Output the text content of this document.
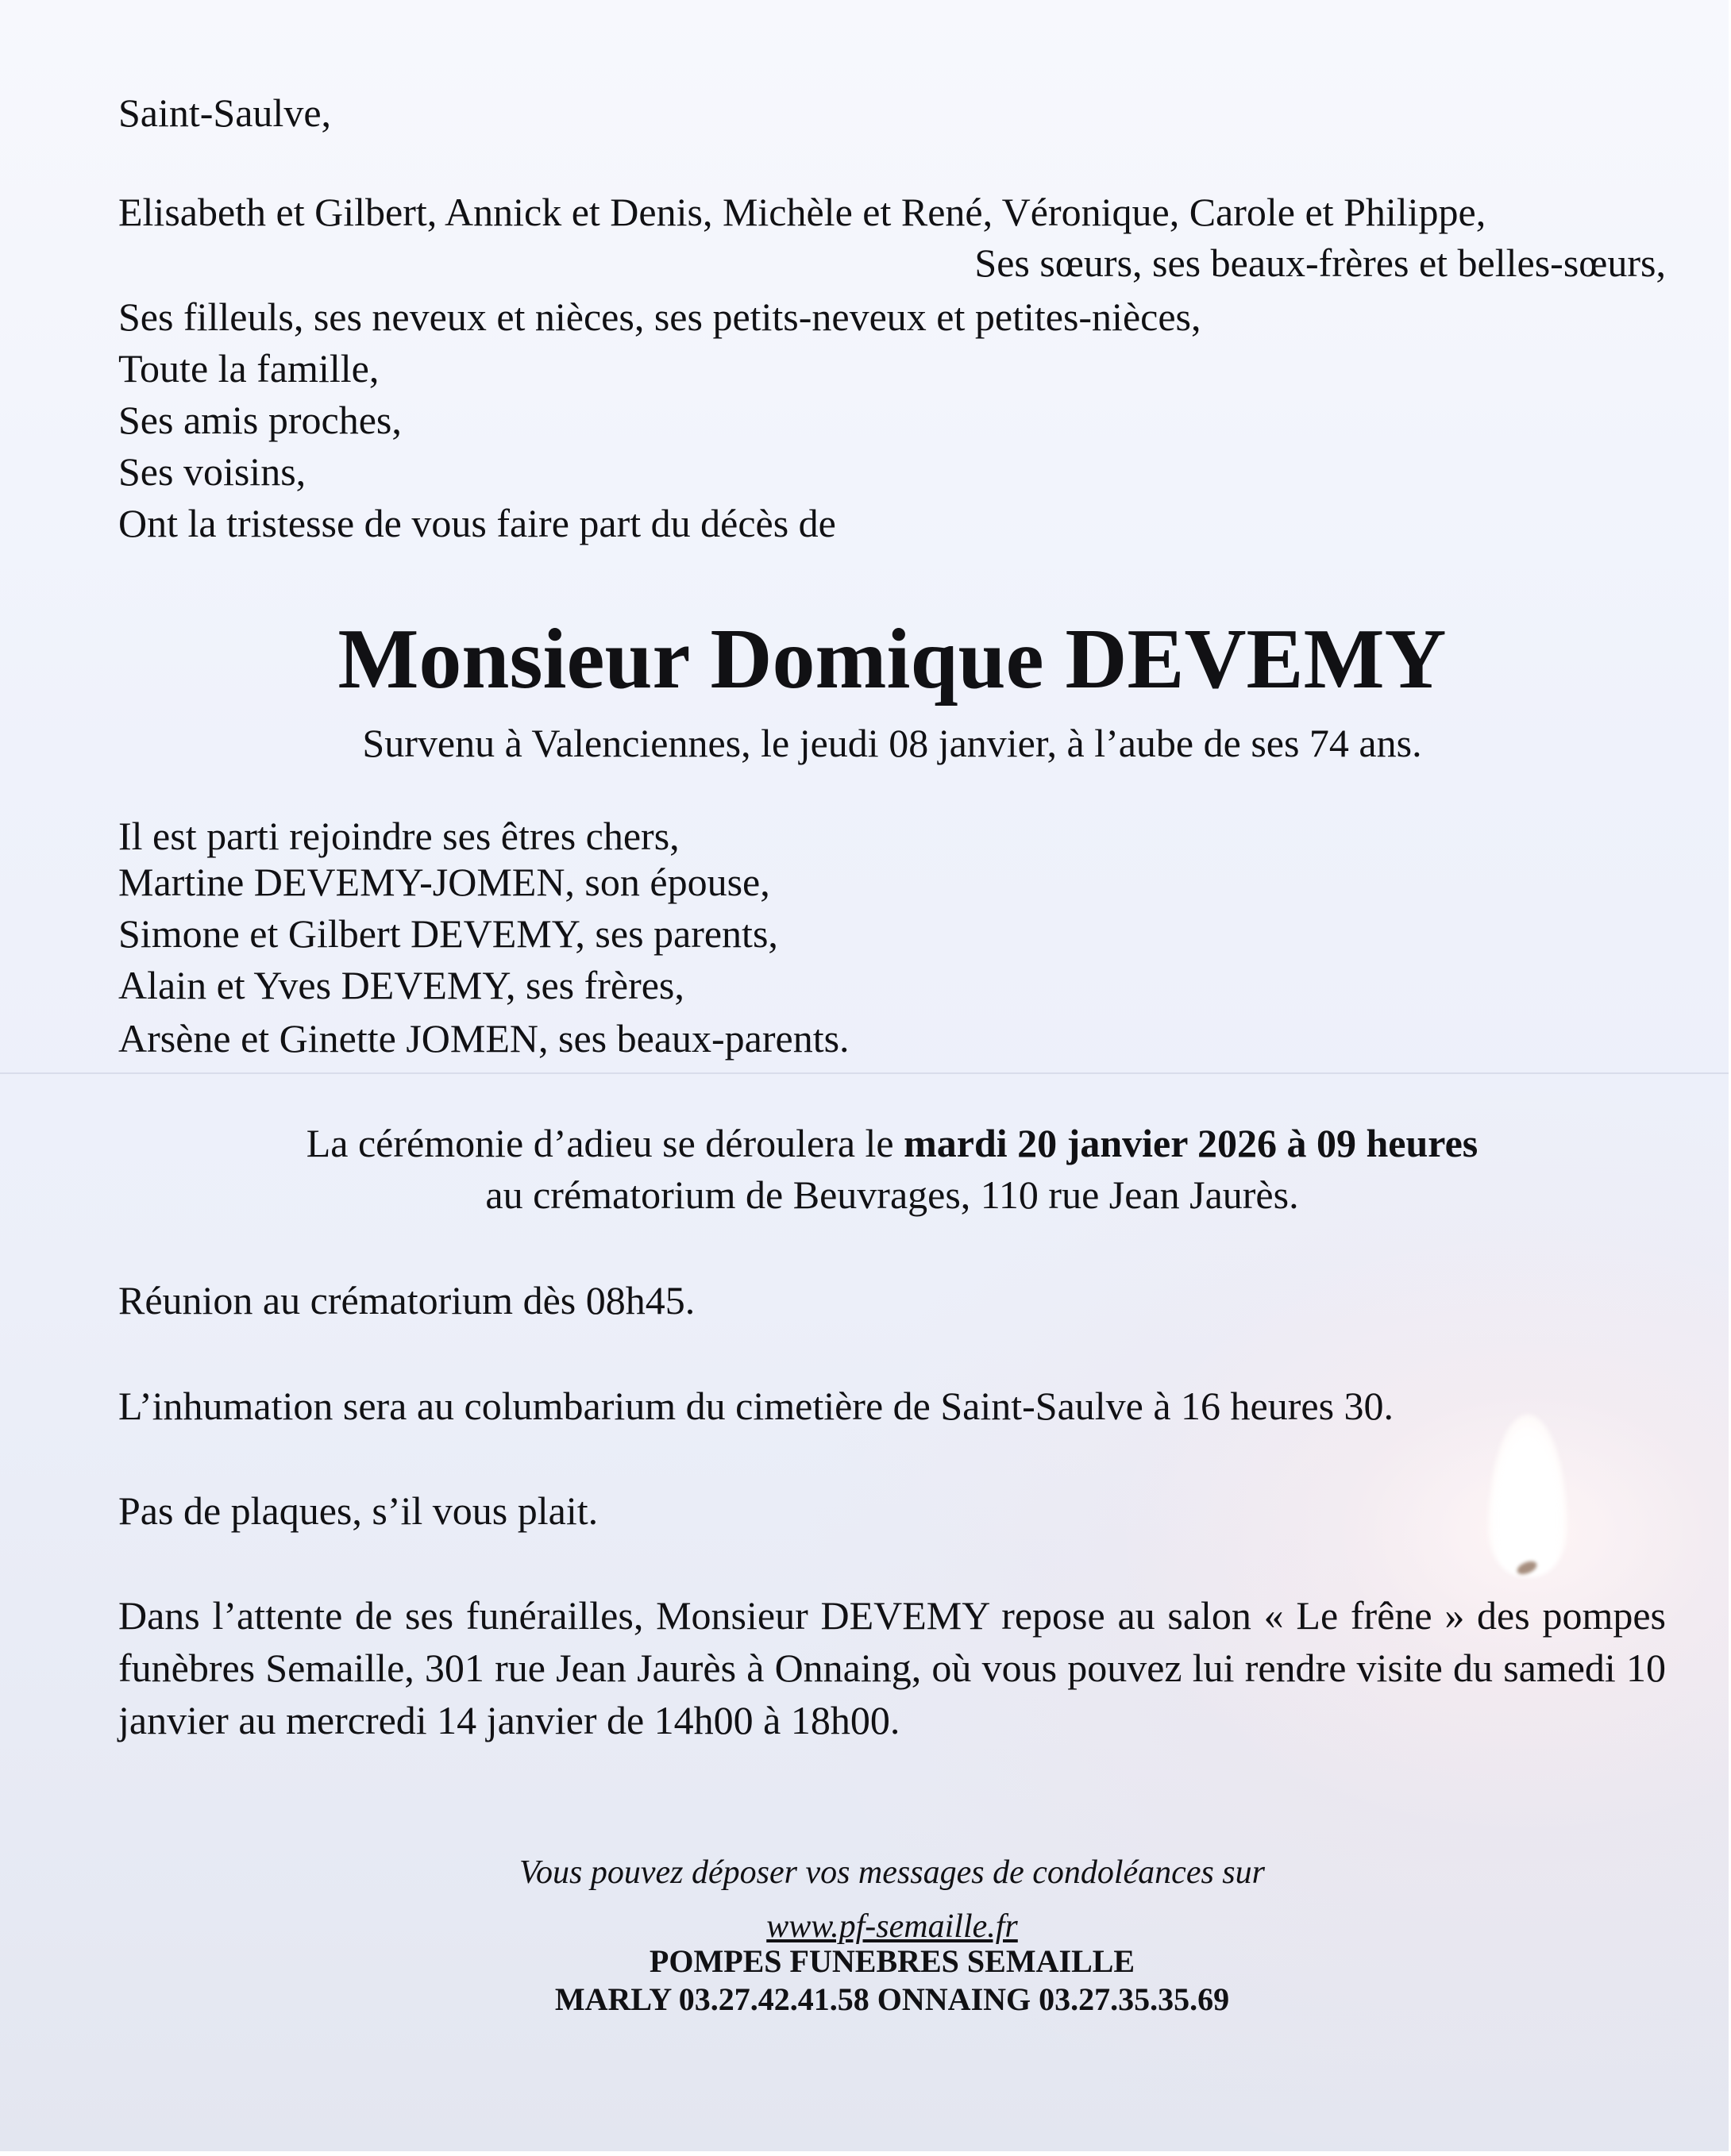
Saint-Saulve,
Elisabeth et Gilbert, Annick et Denis, Michèle et René, Véronique, Carole et Philippe,
Ses sœurs, ses beaux-frères et belles-sœurs,
Ses filleuls, ses neveux et nièces, ses petits-neveux et petites-nièces,
Toute la famille,
Ses amis proches,
Ses voisins,
Ont la tristesse de vous faire part du décès de
Monsieur Domique DEVEMY
Survenu à Valenciennes, le jeudi 08 janvier, à l’aube de ses 74 ans.
Il est parti rejoindre ses êtres chers,
Martine DEVEMY-JOMEN, son épouse,
Simone et Gilbert DEVEMY, ses parents,
Alain et Yves DEVEMY, ses frères,
Arsène et Ginette JOMEN, ses beaux-parents.
La cérémonie d’adieu se déroulera le mardi 20 janvier 2026 à 09 heures
au crématorium de Beuvrages, 110 rue Jean Jaurès.
Réunion au crématorium dès 08h45.
L’inhumation sera au columbarium du cimetière de Saint-Saulve à 16 heures 30.
Pas de plaques, s’il vous plait.
Dans l’attente de ses funérailles, Monsieur DEVEMY repose au salon « Le frêne » des pompes funèbres Semaille, 301 rue Jean Jaurès à Onnaing, où vous pouvez lui rendre visite du samedi 10 janvier au mercredi 14 janvier de 14h00 à 18h00.
Vous pouvez déposer vos messages de condoléances sur
www.pf-semaille.fr
POMPES FUNEBRES SEMAILLE
MARLY 03.27.42.41.58 ONNAING 03.27.35.35.69
